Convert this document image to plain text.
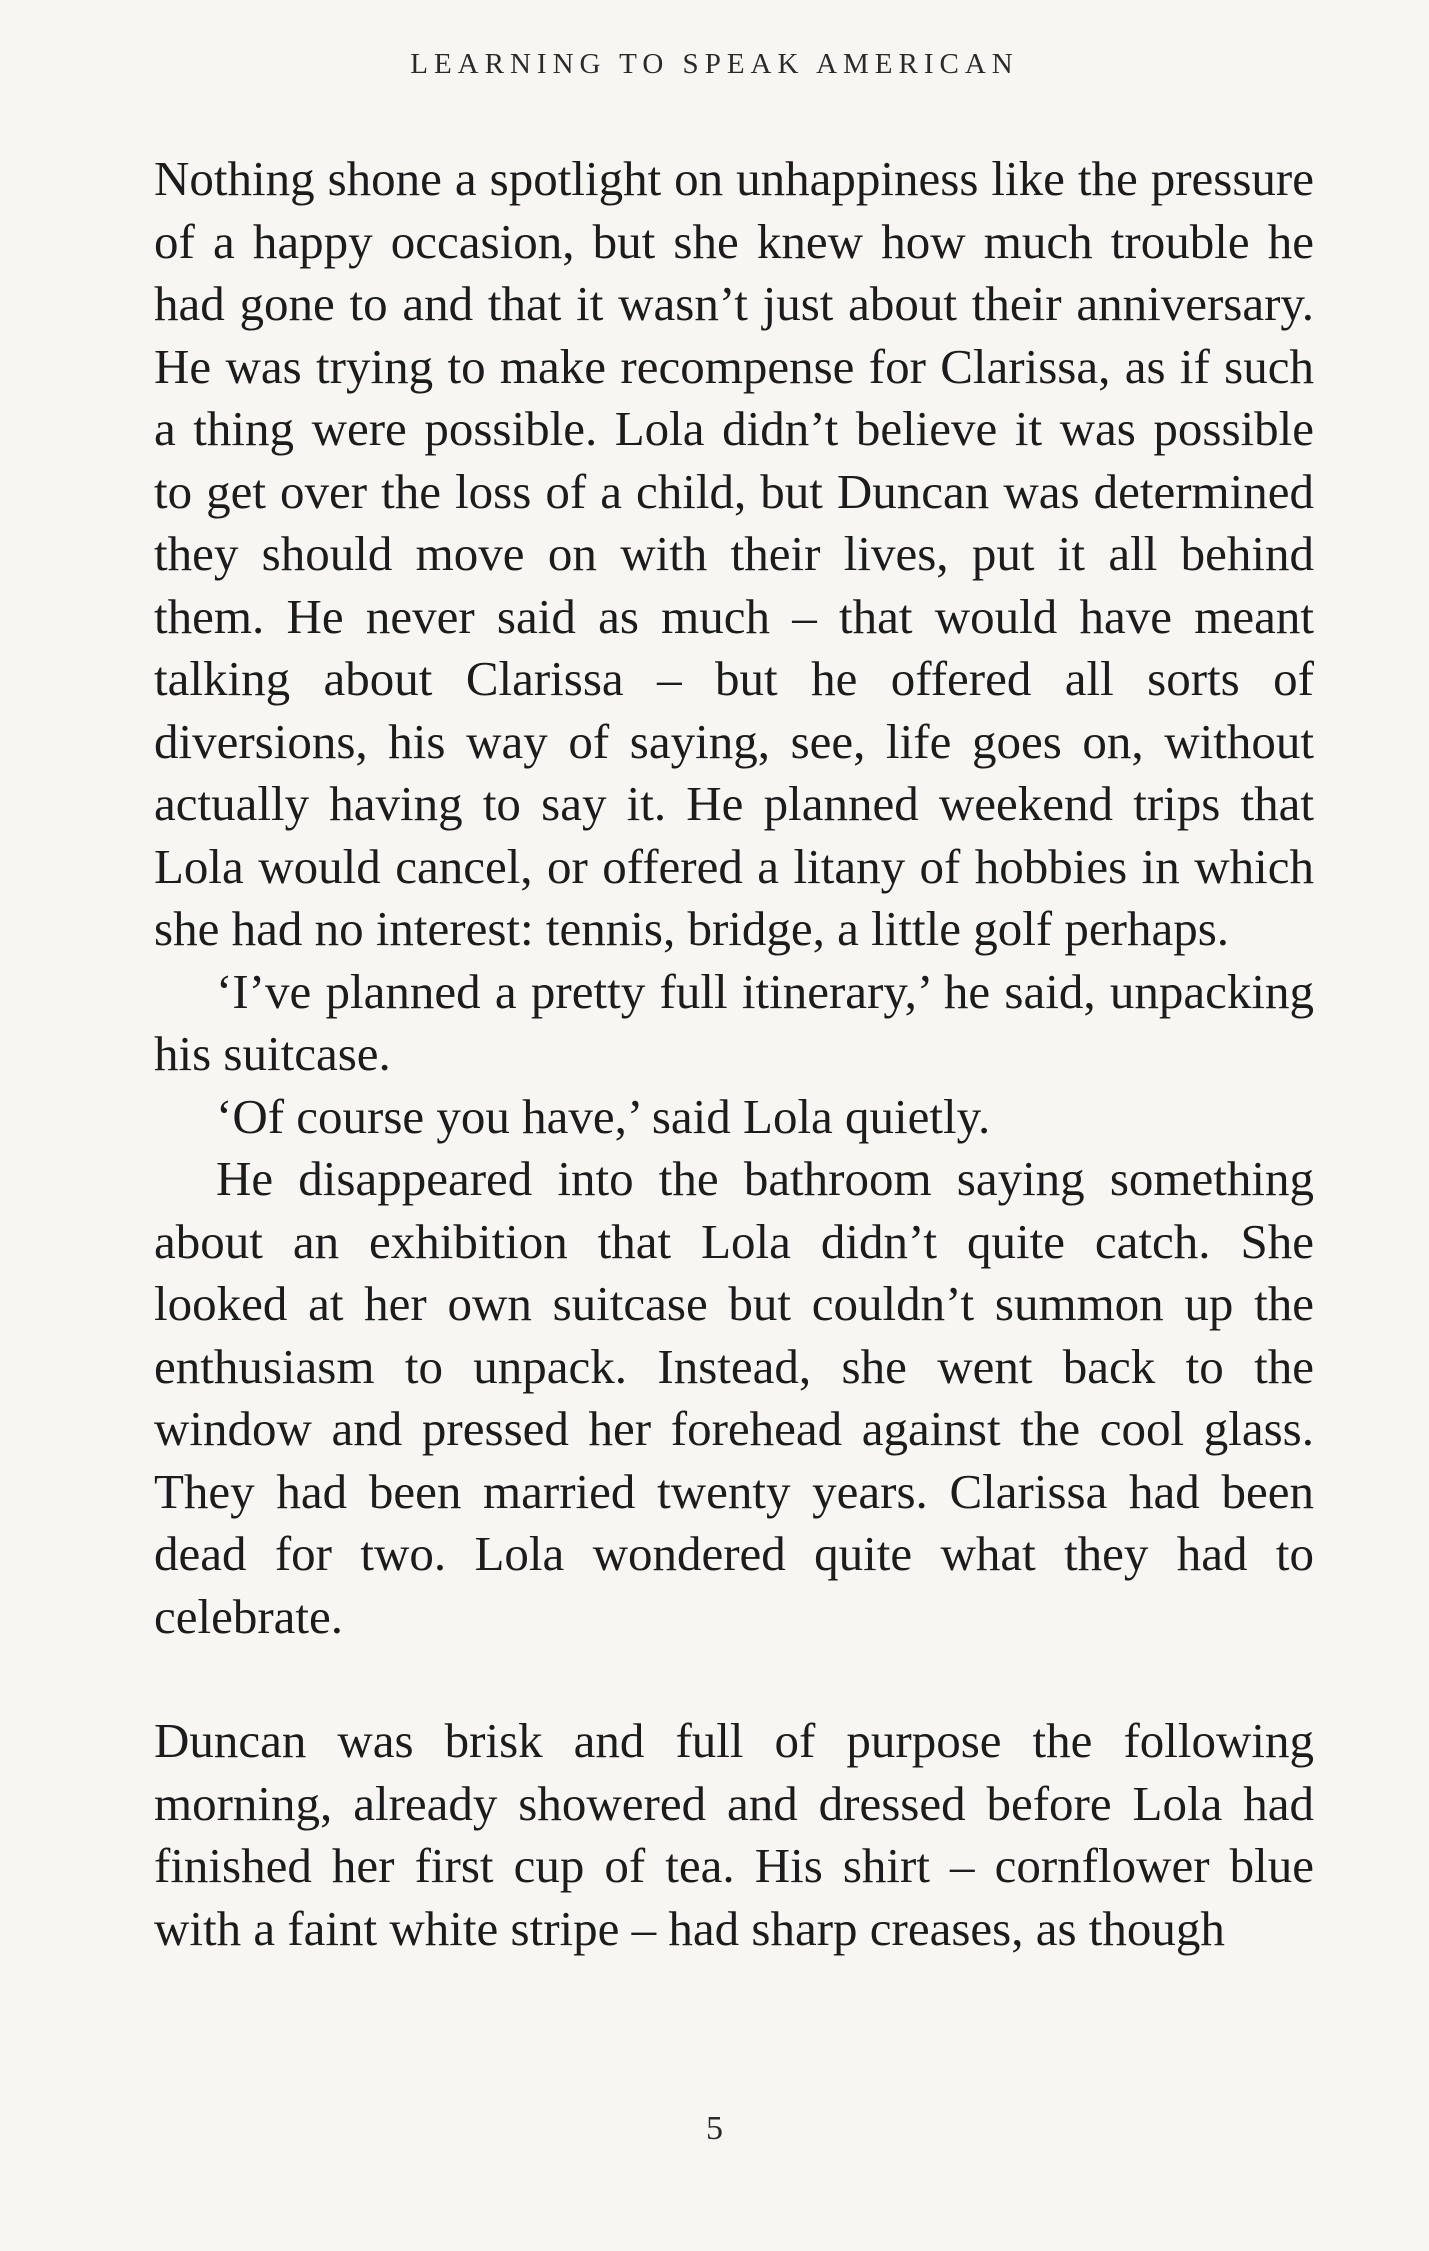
LEARNING TO SPEAK AMERICAN

Nothing shone a spotlight on unhappiness like the pressure of a happy occasion, but she knew how much trouble he had gone to and that it wasn’t just about their anniversary. He was trying to make recompense for Clarissa, as if such a thing were possible. Lola didn’t believe it was possible to get over the loss of a child, but Duncan was determined they should move on with their lives, put it all behind them. He never said as much – that would have meant talking about Clarissa – but he offered all sorts of diversions, his way of saying, see, life goes on, without actually having to say it. He planned weekend trips that Lola would cancel, or offered a litany of hobbies in which she had no interest: tennis, bridge, a little golf perhaps.

‘I’ve planned a pretty full itinerary,’ he said, unpacking his suitcase.

‘Of course you have,’ said Lola quietly.

He disappeared into the bathroom saying something about an exhibition that Lola didn’t quite catch. She looked at her own suitcase but couldn’t summon up the enthusiasm to unpack. Instead, she went back to the window and pressed her forehead against the cool glass. They had been married twenty years. Clarissa had been dead for two. Lola wondered quite what they had to celebrate.

Duncan was brisk and full of purpose the following morning, already showered and dressed before Lola had finished her first cup of tea. His shirt – cornflower blue with a faint white stripe – had sharp creases, as though

5
